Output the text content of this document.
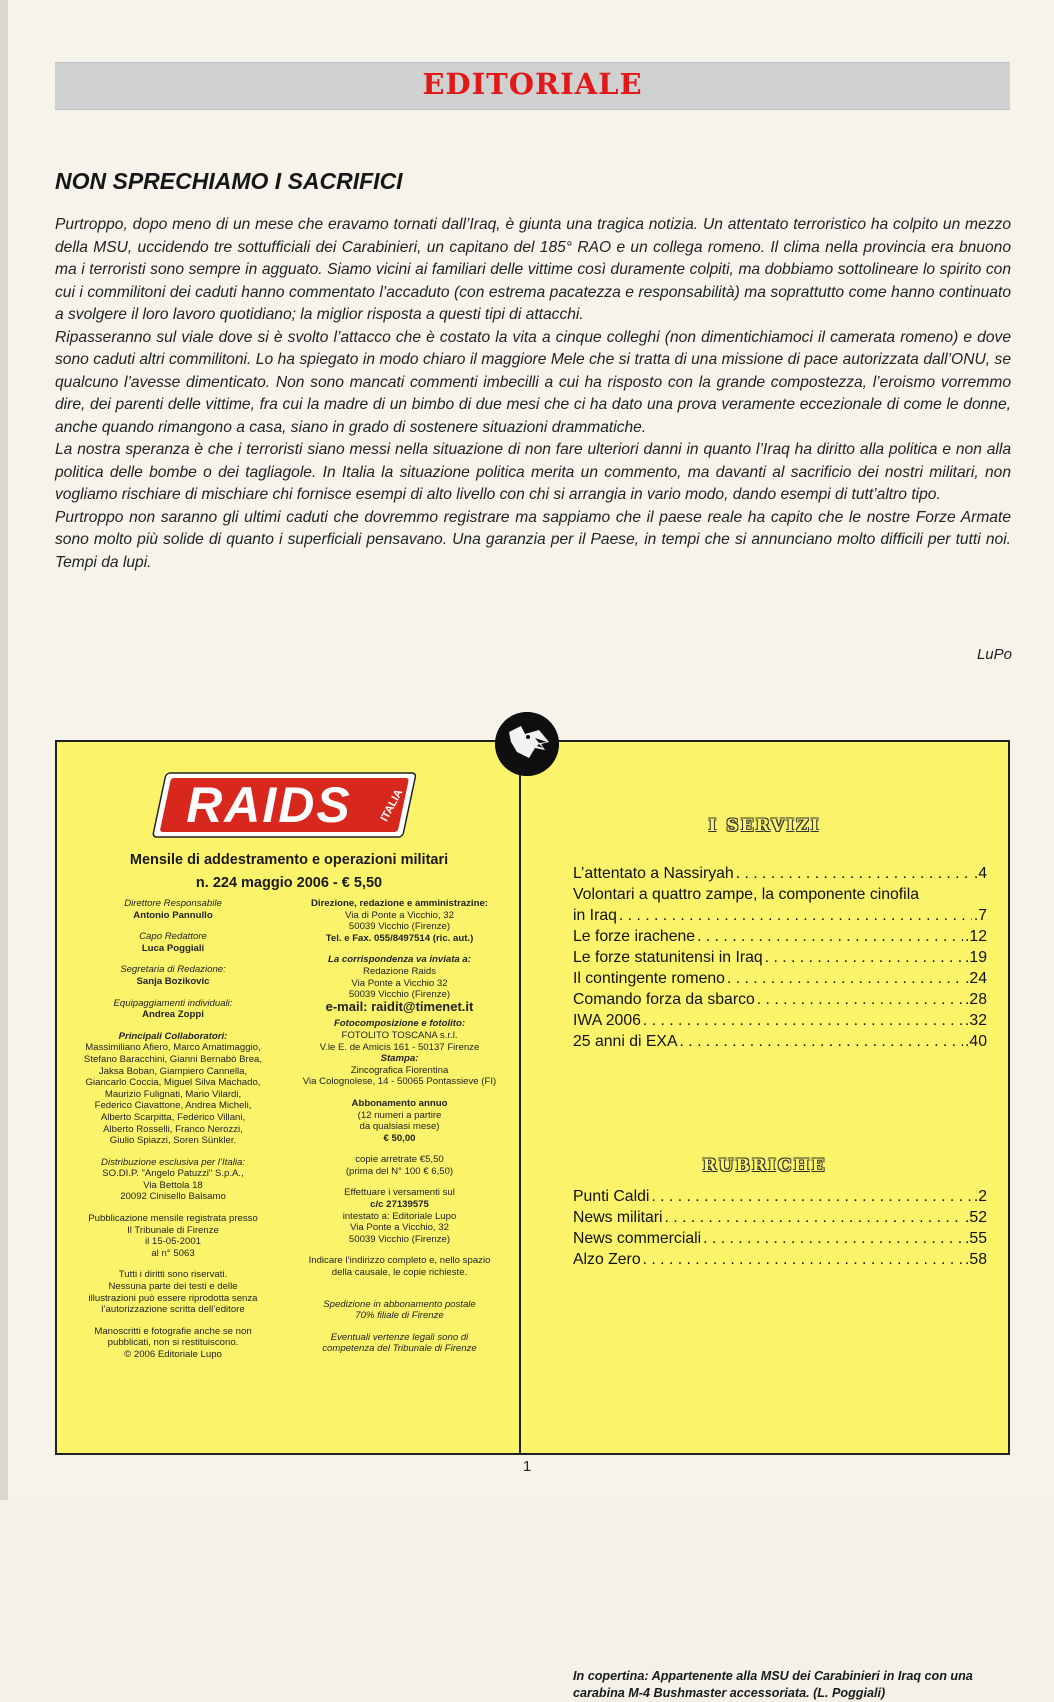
EDITORIALE
NON SPRECHIAMO I SACRIFICI

Purtroppo, dopo meno di un mese che eravamo tornati dall’Iraq, è giunta una tragica notizia. Un attentato terroristico ha colpito un mezzo della MSU, uccidendo tre sottufficiali dei Carabinieri, un capitano del 185° RAO e un collega romeno. Il clima nella provincia era bnuono ma i terroristi sono sempre in agguato. Siamo vicini ai familiari delle vittime così duramente colpiti, ma dobbiamo sottolineare lo spirito con cui i commilitoni dei caduti hanno commentato l’accaduto (con estrema pacatezza e responsabilità) ma soprattutto come hanno continuato a svolgere il loro lavoro quotidiano; la miglior risposta a questi tipi di attacchi.

Ripasseranno sul viale dove si è svolto l’attacco che è costato la vita a cinque colleghi (non dimentichiamoci il camerata romeno) e dove sono caduti altri commilitoni. Lo ha spiegato in modo chiaro il maggiore Mele che si tratta di una missione di pace autorizzata dall’ONU, se qualcuno l’avesse dimenticato. Non sono mancati commenti imbecilli a cui ha risposto con la grande compostezza, l’eroismo vorremmo dire, dei parenti delle vittime, fra cui la madre di un bimbo di due mesi che ci ha dato una prova veramente eccezionale di come le donne, anche quando rimangono a casa, siano in grado di sostenere situazioni drammatiche.

La nostra speranza è che i terroristi siano messi nella situazione di non fare ulteriori danni in quanto l’Iraq ha diritto alla politica e non alla politica delle bombe o dei tagliagole. In Italia la situazione politica merita un commento, ma davanti al sacrificio dei nostri militari, non vogliamo rischiare di mischiare chi fornisce esempi di alto livello con chi si arrangia in vario modo, dando esempi di tutt’altro tipo.

Purtroppo non saranno gli ultimi caduti che dovremmo registrare ma sappiamo che il paese reale ha capito che le nostre Forze Armate sono molto più solide di quanto i superficiali pensavano. Una garanzia per il Paese, in tempi che si annunciano molto difficili per tutti noi. Tempi da lupi.

LuPo
RAIDS ITALIA
Mensile di addestramento e operazioni militari
n. 224 maggio 2006 - € 5,50
Direttore Responsabile
Antonio Pannullo
Capo Redattore
Luca Poggiali
Segretaria di Redazione:
Sanja Bozikovic
Equipaggiamenti individuali:
Andrea Zoppi
Principali Collaboratori:
Massimiliano Afiero, Marco Amatimaggio,
Stefano Baracchini, Gianni Bernabò Brea,
Jaksa Boban, Giampiero Cannella,
Giancarlo Coccia, Miguel Silva Machado,
Maurizio Fulignati, Mario Vilardi,
Federico Ciavattone, Andrea Micheli,
Alberto Scarpitta, Federico Villani,
Alberto Rosselli, Franco Nerozzi,
Giulio Spiazzi, Soren Sünkler.
Distribuzione esclusiva per l’Italia:
SO.DI.P. "Angelo Patuzzi" S.p.A.,
Via Bettola 18
20092 Cinisello Balsamo
Pubblicazione mensile registrata presso
Il Tribunale di Firenze
il 15-05-2001
al n° 5063
Tutti i diritti sono riservati.
Nessuna parte dei testi e delle
illustrazioni può essere riprodotta senza
l’autorizzazione scritta dell’editore
Manoscritti e fotografie anche se non
pubblicati, non si restituiscono.
© 2006 Editoriale Lupo
Direzione, redazione e amministrazine:
Via di Ponte a Vicchio, 32
50039 Vicchio (Firenze)
Tel. e Fax. 055/8497514 (ric. aut.)
La corrispondenza va inviata a:
Redazione Raids
Via Ponte a Vicchio 32
50039 Vicchio (Firenze)
e-mail: raidit@timenet.it
Fotocomposizione e fotolito:
FOTOLITO TOSCANA s.r.l.
V.le E. de Amicis 161 - 50137 Firenze
Stampa:
Zincografica Fiorentina
Via Colognolese, 14 - 50065 Pontassieve (FI)
Abbonamento annuo
(12 numeri a partire
da qualsiasi mese)
€ 50,00
copie arretrate €5,50
(prima del N° 100 € 6,50)
Effettuare i versamenti sul
c/c 27139575
intestato a: Editoriale Lupo
Via Ponte a Vicchio, 32
50039 Vicchio (Firenze)
Indicare l’indirizzo completo e, nello spazio
della causale, le copie richieste.
Spedizione in abbonamento postale
70% filiale di Firenze
Eventuali vertenze legali sono di
competenza del Tribunale di Firenze
I SERVIZI
L’attentato a Nassiryah . . .	.4
Volontari a quattro zampe, la componente cinofila
in Iraq . . .	.7
Le forze irachene . . .	.12
Le forze statunitensi in Iraq . . .	.19
Il contingente romeno . . .	.24
Comando forza da sbarco . . .	.28
IWA 2006 . . .	.32
25 anni di EXA . . .	.40
RUBRICHE
Punti Caldi . . .	.2
News militari . . .	.52
News commerciali . . .	.55
Alzo Zero . . .	.58
In copertina: Appartenente alla MSU dei Carabinieri in Iraq con una carabina M-4 Bushmaster accessoriata. (L. Poggiali)
1
